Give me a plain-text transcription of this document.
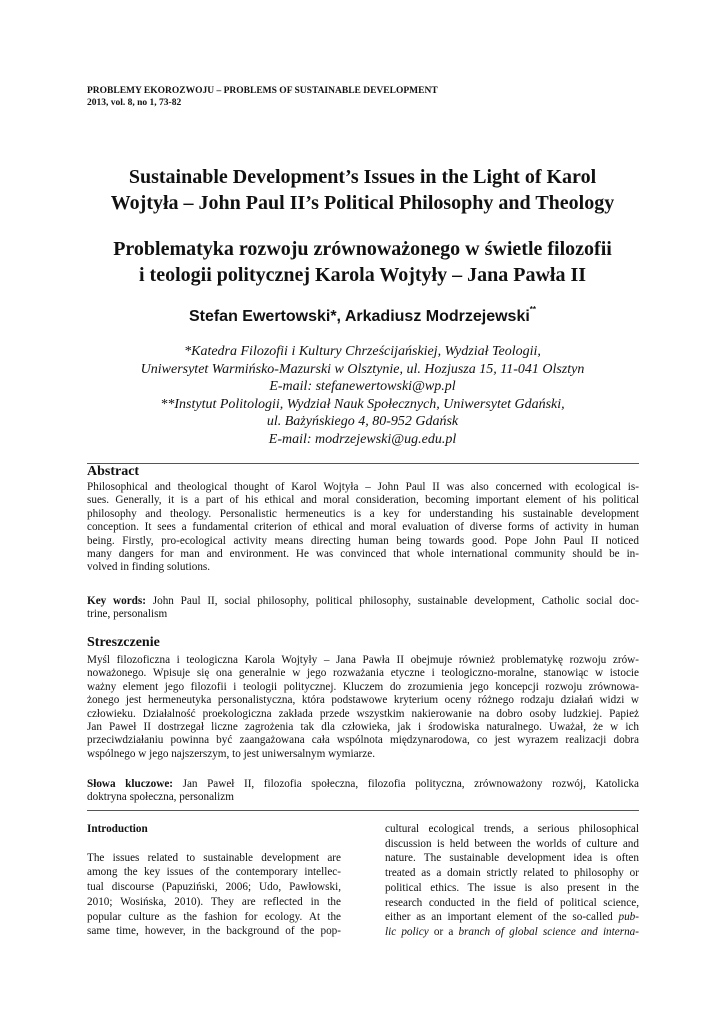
PROBLEMY EKOROZWOJU – PROBLEMS OF SUSTAINABLE DEVELOPMENT
2013, vol. 8, no 1, 73-82
Sustainable Development’s Issues in the Light of Karol
Wojtyła – John Paul II’s Political Philosophy and Theology
Problematyka rozwoju zrównoważonego w świetle filozofii
i teologii politycznej Karola Wojtyły – Jana Pawła II
Stefan Ewertowski*, Arkadiusz Modrzejewski**
*Katedra Filozofii i Kultury Chrześcijańskiej, Wydział Teologii,
Uniwersytet Warmińsko-Mazurski w Olsztynie, ul. Hozjusza 15, 11-041 Olsztyn
E-mail: stefanewertowski@wp.pl
**Instytut Politologii, Wydział Nauk Społecznych, Uniwersytet Gdański,
ul. Bażyńskiego 4, 80-952 Gdańsk
E-mail: modrzejewski@ug.edu.pl
Abstract
Philosophical and theological thought of Karol Wojtyła – John Paul II was also concerned with ecological is-
sues. Generally, it is a part of his ethical and moral consideration, becoming important element of his political
philosophy and theology. Personalistic hermeneutics is a key for understanding his sustainable development
conception. It sees a fundamental criterion of ethical and moral evaluation of diverse forms of activity in human
being. Firstly, pro-ecological activity means directing human being towards good. Pope John Paul II noticed
many dangers for man and environment. He was convinced that whole international community should be in-
volved in finding solutions.
Key words: John Paul II, social philosophy, political philosophy, sustainable development, Catholic social doc-
trine, personalism
Streszczenie
Myśl filozoficzna i teologiczna Karola Wojtyły – Jana Pawła II obejmuje również problematykę rozwoju zrów-
noważonego. Wpisuje się ona generalnie w jego rozważania etyczne i teologiczno-moralne, stanowiąc w istocie
ważny element jego filozofii i teologii politycznej. Kluczem do zrozumienia jego koncepcji rozwoju zrównowa-
żonego jest hermeneutyka personalistyczna, która podstawowe kryterium oceny różnego rodzaju działań widzi w
człowieku. Działalność proekologiczna zakłada przede wszystkim nakierowanie na dobro osoby ludzkiej. Papież
Jan Paweł II dostrzegał liczne zagrożenia tak dla człowieka, jak i środowiska naturalnego. Uważał, że w ich
przeciwdziałaniu powinna być zaangażowana cała wspólnota międzynarodowa, co jest wyrazem realizacji dobra
wspólnego w jego najszerszym, to jest uniwersalnym wymiarze.
Słowa kluczowe: Jan Paweł II, filozofia społeczna, filozofia polityczna, zrównoważony rozwój, Katolicka
doktryna społeczna, personalizm
Introduction
The issues related to sustainable development are
among the key issues of the contemporary intellec-
tual discourse (Papuziński, 2006; Udo, Pawłowski,
2010; Wosińska, 2010). They are reflected in the
popular culture as the fashion for ecology. At the
same time, however, in the background of the pop-
cultural ecological trends, a serious philosophical
discussion is held between the worlds of culture and
nature. The sustainable development idea is often
treated as a domain strictly related to philosophy or
political ethics. The issue is also present in the
research conducted in the field of political science,
either as an important element of the so-called pub-
lic policy or a branch of global science and interna-
